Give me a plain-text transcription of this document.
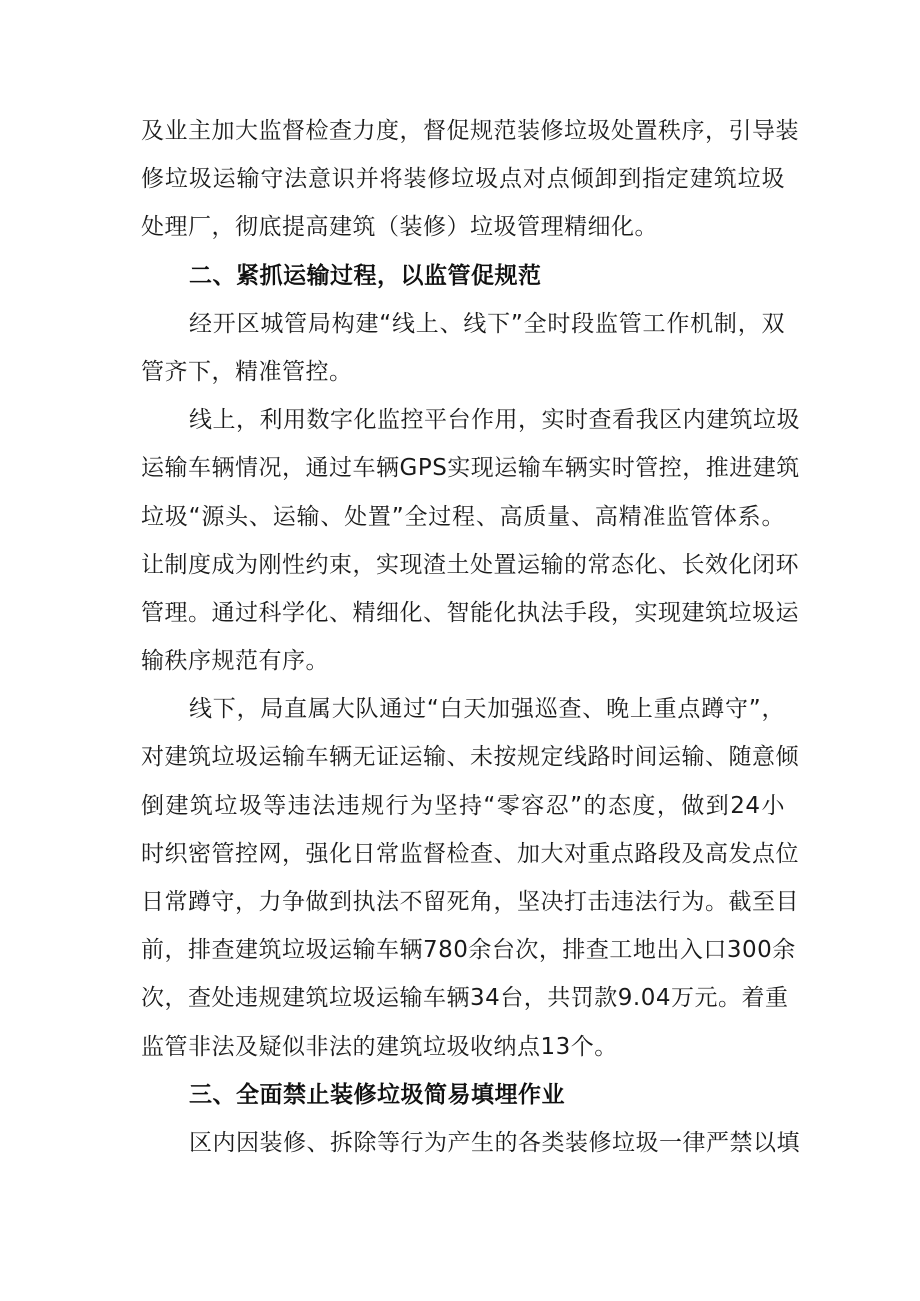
及业主加大监督检查力度，督促规范装修垃圾处置秩序，引导装
修垃圾运输守法意识并将装修垃圾点对点倾卸到指定建筑垃圾
处理厂，彻底提高建筑（装修）垃圾管理精细化。
二、紧抓运输过程，以监管促规范
经开区城管局构建“线上、线下”全时段监管工作机制，双
管齐下，精准管控。
线上，利用数字化监控平台作用，实时查看我区内建筑垃圾
运输车辆情况，通过车辆GPS实现运输车辆实时管控，推进建筑
垃圾“源头、运输、处置”全过程、高质量、高精准监管体系。
让制度成为刚性约束，实现渣土处置运输的常态化、长效化闭环
管理。通过科学化、精细化、智能化执法手段，实现建筑垃圾运
输秩序规范有序。
线下，局直属大队通过“白天加强巡查、晚上重点蹲守”，
对建筑垃圾运输车辆无证运输、未按规定线路时间运输、随意倾
倒建筑垃圾等违法违规行为坚持“零容忍”的态度，做到24小
时织密管控网，强化日常监督检查、加大对重点路段及高发点位
日常蹲守，力争做到执法不留死角，坚决打击违法行为。截至目
前，排查建筑垃圾运输车辆780余台次，排查工地出入口300余
次，查处违规建筑垃圾运输车辆34台，共罚款9.04万元。着重
监管非法及疑似非法的建筑垃圾收纳点13个。
三、全面禁止装修垃圾简易填埋作业
区内因装修、拆除等行为产生的各类装修垃圾一律严禁以填
